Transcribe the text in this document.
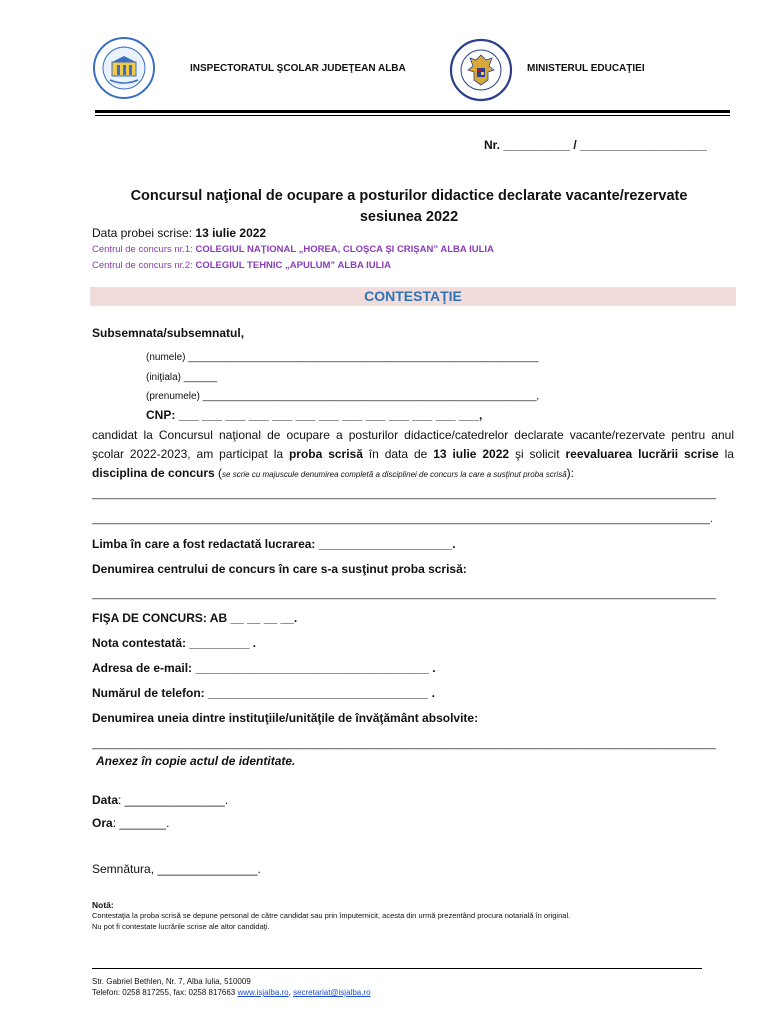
INSPECTORATUL ŞCOLAR JUDEŢEAN ALBA	MINISTERUL EDUCAŢIEI
Nr. __________ / ___________________
Concursul naţional de ocupare a posturilor didactice declarate vacante/rezervate
sesiunea 2022
Data probei scrise: 13 iulie 2022
Centrul de concurs nr.1: COLEGIUL NAŢIONAL „HOREA, CLOŞCA ŞI CRIŞAN” ALBA IULIA
Centrul de concurs nr.2: COLEGIUL TEHNIC „APULUM” ALBA IULIA
CONTESTAŢIE
Subsemnata/subsemnatul,
(numele) _______________________________________________________________
(iniţiala) ______
(prenumele) ____________________________________________________________,
CNP: ___ ___ ___ ___ ___ ___ ___ ___ ___ ___ ___ ___ ___,
candidat la Concursul naţional de ocupare a posturilor didactice/catedrelor declarate vacante/rezervate pentru anul şcolar 2022-2023, am participat la proba scrisă în data de 13 iulie 2022 şi solicit reevaluarea lucrării scrise la disciplina de concurs (se scrie cu majuscule denumirea completă a disciplinei de concurs la care a susţinut proba scrisă):
______________________________________________________________________________________________________
_____________________________________________________________________________________________________.
Limba în care a fost redactată lucrarea: ____________________.
Denumirea centrului de concurs în care s-a susţinut proba scrisă:
______________________________________________________________________________________________________
FIŞA DE CONCURS: AB __ __ __ __.
Nota contestată: _________ .
Adresa de e-mail: ___________________________________ .
Numărul de telefon: _________________________________ .
Denumirea uneia dintre instituţiile/unităţile de învăţământ absolvite:
______________________________________________________________________________________________________
Anexez în copie actul de identitate.
Data: _______________.
Ora: _______.
Semnătura, _______________.
Notă:
Contestaţia la proba scrisă se depune personal de către candidat sau prin împuternicit, acesta din urmă prezentând procura notarială în original.
Nu pot fi contestate lucrările scrise ale altor candidaţi.
Str. Gabriel Bethlen, Nr. 7, Alba Iulia, 510009
Telefon: 0258 817255, fax: 0258 817663 www.isjalba.ro, secretariat@isjalba.ro
